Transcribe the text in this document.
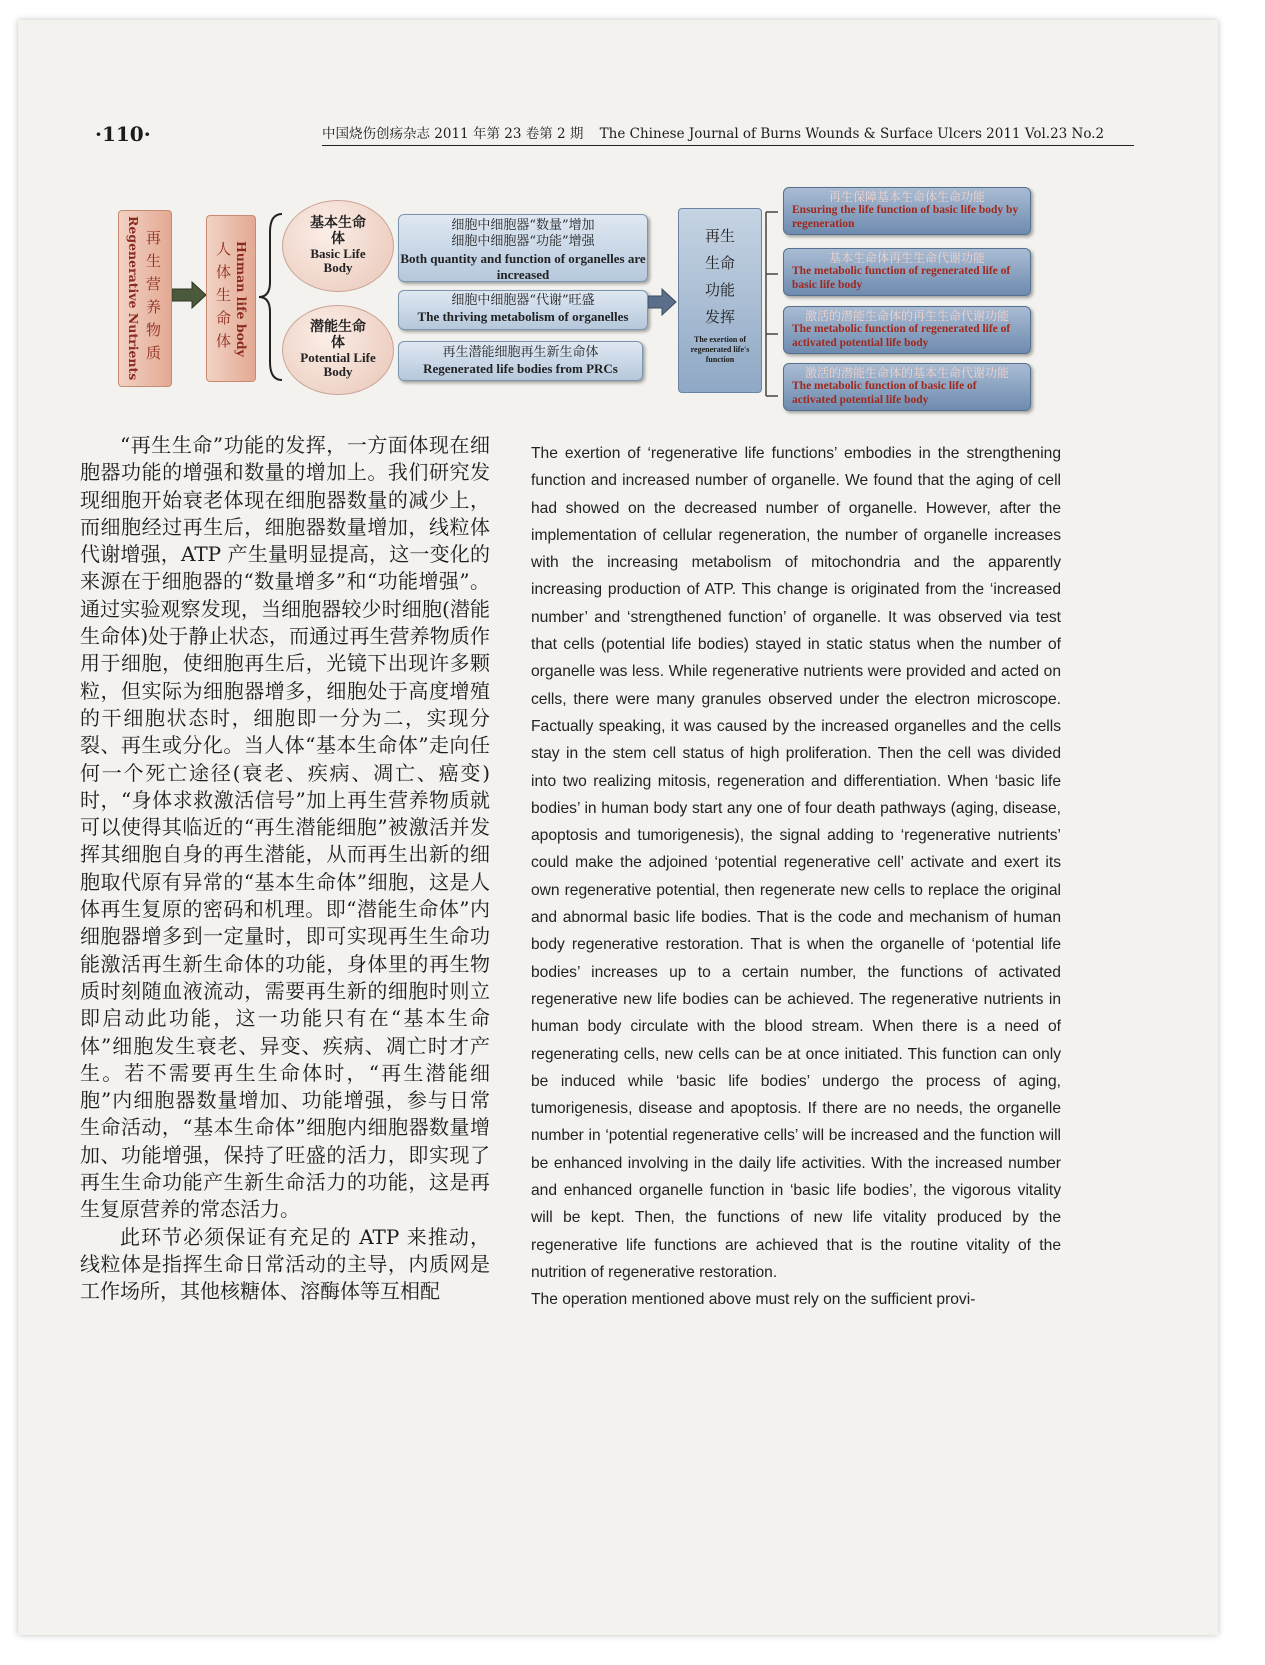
·110·	中国烧伤创疡杂志 2011 年第 23 卷第 2 期 The Chinese Journal of Burns Wounds & Surface Ulcers 2011 Vol.23 No.2
Regenerative Nutrients 再生营养物质	人体生命体 Human life body
基本生命体
Basic Life Body
潜能生命体
Potential Life Body
细胞中细胞器“数量”增加
细胞中细胞器“功能”增强
Both quantity and function of organelles are increased
细胞中细胞器“代谢”旺盛
The thriving metabolism of organelles
再生潜能细胞再生新生命体
Regenerated life bodies from PRCs
再生
生命
功能
发挥
The exertion of regenerated life's function
再生保障基本生命体生命功能
Ensuring the life function of basic life body by regeneration
基本生命体再生生命代谢功能
The metabolic function of regenerated life of basic life body
激活的潜能生命体的再生生命代谢功能
The metabolic function of regenerated life of activated potential life body
激活的潜能生命体的基本生命代谢功能
The metabolic function of basic life of activated potential life body

“再生生命”功能的发挥，一方面体现在细胞器功能的增强和数量的增加上。我们研究发现细胞开始衰老体现在细胞器数量的减少上，而细胞经过再生后，细胞器数量增加，线粒体代谢增强，ATP 产生量明显提高，这一变化的来源在于细胞器的“数量增多”和“功能增强”。通过实验观察发现，当细胞器较少时细胞(潜能生命体)处于静止状态，而通过再生营养物质作用于细胞，使细胞再生后，光镜下出现许多颗粒，但实际为细胞器增多，细胞处于高度增殖的干细胞状态时，细胞即一分为二，实现分裂、再生或分化。当人体“基本生命体”走向任何一个死亡途径(衰老、疾病、凋亡、癌变)时，“身体求救激活信号”加上再生营养物质就可以使得其临近的“再生潜能细胞”被激活并发挥其细胞自身的再生潜能，从而再生出新的细胞取代原有异常的“基本生命体”细胞，这是人体再生复原的密码和机理。即“潜能生命体”内细胞器增多到一定量时，即可实现再生生命功能激活再生新生命体的功能，身体里的再生物质时刻随血液流动，需要再生新的细胞时则立即启动此功能，这一功能只有在“基本生命体”细胞发生衰老、异变、疾病、凋亡时才产生。若不需要再生生命体时，“再生潜能细胞”内细胞器数量增加、功能增强，参与日常生命活动，“基本生命体”细胞内细胞器数量增加、功能增强，保持了旺盛的活力，即实现了再生生命功能产生新生命活力的功能，这是再生复原营养的常态活力。

此环节必须保证有充足的 ATP 来推动，线粒体是指挥生命日常活动的主导，内质网是工作场所，其他核糖体、溶酶体等互相配

The exertion of ‘regenerative life functions’ embodies in the strengthening function and increased number of organelle. We found that the aging of cell had showed on the decreased number of organelle. However, after the implementation of cellular regeneration, the number of organelle increases with the increasing metabolism of mitochondria and the apparently increasing production of ATP. This change is originated from the ‘increased number’ and ‘strengthened function’ of organelle. It was observed via test that cells (potential life bodies) stayed in static status when the number of organelle was less. While regenerative nutrients were provided and acted on cells, there were many granules observed under the electron microscope. Factually speaking, it was caused by the increased organelles and the cells stay in the stem cell status of high proliferation. Then the cell was divided into two realizing mitosis, regeneration and differentiation. When ‘basic life bodies’ in human body start any one of four death pathways (aging, disease, apoptosis and tumorigenesis), the signal adding to ‘regenerative nutrients’ could make the adjoined ‘potential regenerative cell’ activate and exert its own regenerative potential, then regenerate new cells to replace the original and abnormal basic life bodies. That is the code and mechanism of human body regenerative restoration. That is when the organelle of ‘potential life bodies’ increases up to a certain number, the functions of activated regenerative new life bodies can be achieved. The regenerative nutrients in human body circulate with the blood stream. When there is a need of regenerating cells, new cells can be at once initiated. This function can only be induced while ‘basic life bodies’ undergo the process of aging, tumorigenesis, disease and apoptosis. If there are no needs, the organelle number in ‘potential regenerative cells’ will be increased and the function will be enhanced involving in the daily life activities. With the increased number and enhanced organelle function in ‘basic life bodies’, the vigorous vitality will be kept. Then, the functions of new life vitality produced by the regenerative life functions are achieved that is the routine vitality of the nutrition of regenerative restoration.

The operation mentioned above must rely on the sufficient provi-
